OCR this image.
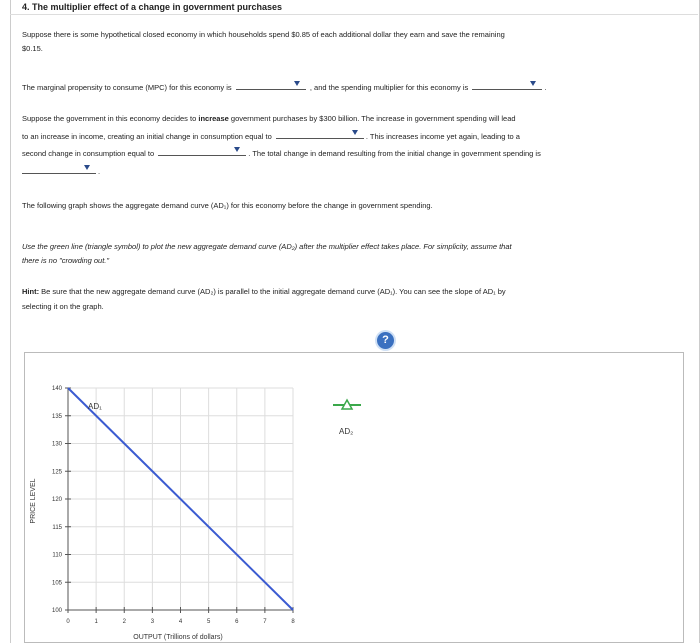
4. The multiplier effect of a change in government purchases
Suppose there is some hypothetical closed economy in which households spend $0.85 of each additional dollar they earn and save the remaining
$0.15.
The marginal propensity to consume (MPC) for this economy is	, and the spending multiplier for this economy is	.
Suppose the government in this economy decides to increase government purchases by $300 billion. The increase in government spending will lead
to an increase in income, creating an initial change in consumption equal to	. This increases income yet again, leading to a
second change in consumption equal to	. The total change in demand resulting from the initial change in government spending is
.
The following graph shows the aggregate demand curve (AD₁) for this economy before the change in government spending.
Use the green line (triangle symbol) to plot the new aggregate demand curve (AD₂) after the multiplier effect takes place. For simplicity, assume that
there is no "crowding out."
Hint: Be sure that the new aggregate demand curve (AD₂) is parallel to the initial aggregate demand curve (AD₁). You can see the slope of AD₁ by
selecting it on the graph.
?
0	1	2	3	4	5	6	7	8
100
105
110
115
120
125
130
135
140
AD₁
PRICE LEVEL
OUTPUT (Trillions of dollars)
AD₂
